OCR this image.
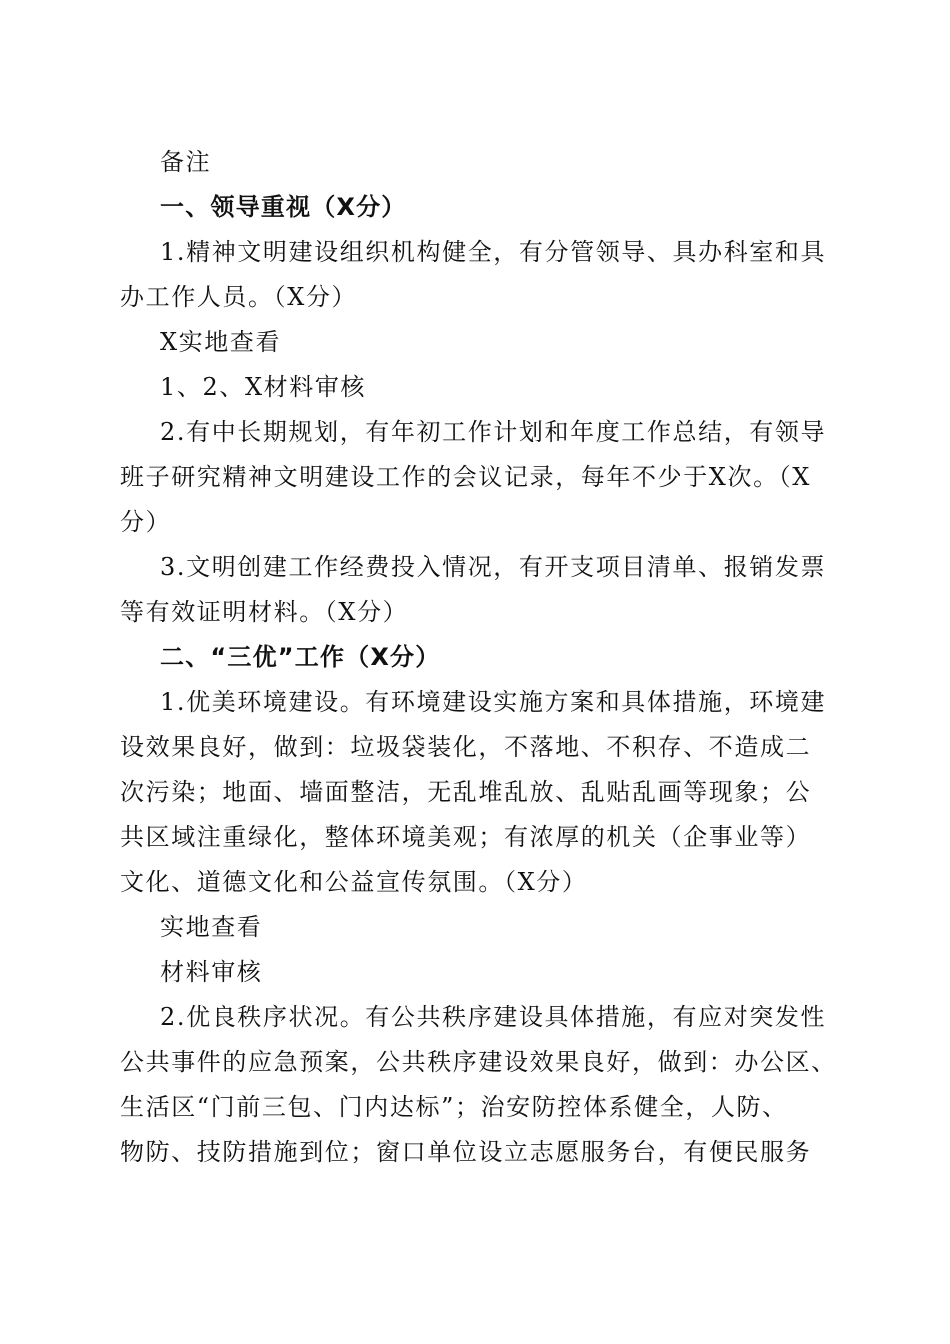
备注
一、领导重视（X分）
1.精神文明建设组织机构健全，有分管领导、具办科室和具
办工作人员。（X分）
X实地查看
1、2、X材料审核
2.有中长期规划，有年初工作计划和年度工作总结，有领导
班子研究精神文明建设工作的会议记录，每年不少于X次。（X
分）
3.文明创建工作经费投入情况，有开支项目清单、报销发票
等有效证明材料。（X分）
二、“三优”工作（X分）
1.优美环境建设。有环境建设实施方案和具体措施，环境建
设效果良好，做到：垃圾袋装化，不落地、不积存、不造成二
次污染；地面、墙面整洁，无乱堆乱放、乱贴乱画等现象；公
共区域注重绿化，整体环境美观；有浓厚的机关（企事业等）
文化、道德文化和公益宣传氛围。（X分）
实地查看
材料审核
2.优良秩序状况。有公共秩序建设具体措施，有应对突发性
公共事件的应急预案，公共秩序建设效果良好，做到：办公区、
生活区“门前三包、门内达标”；治安防控体系健全，人防、
物防、技防措施到位；窗口单位设立志愿服务台，有便民服务
